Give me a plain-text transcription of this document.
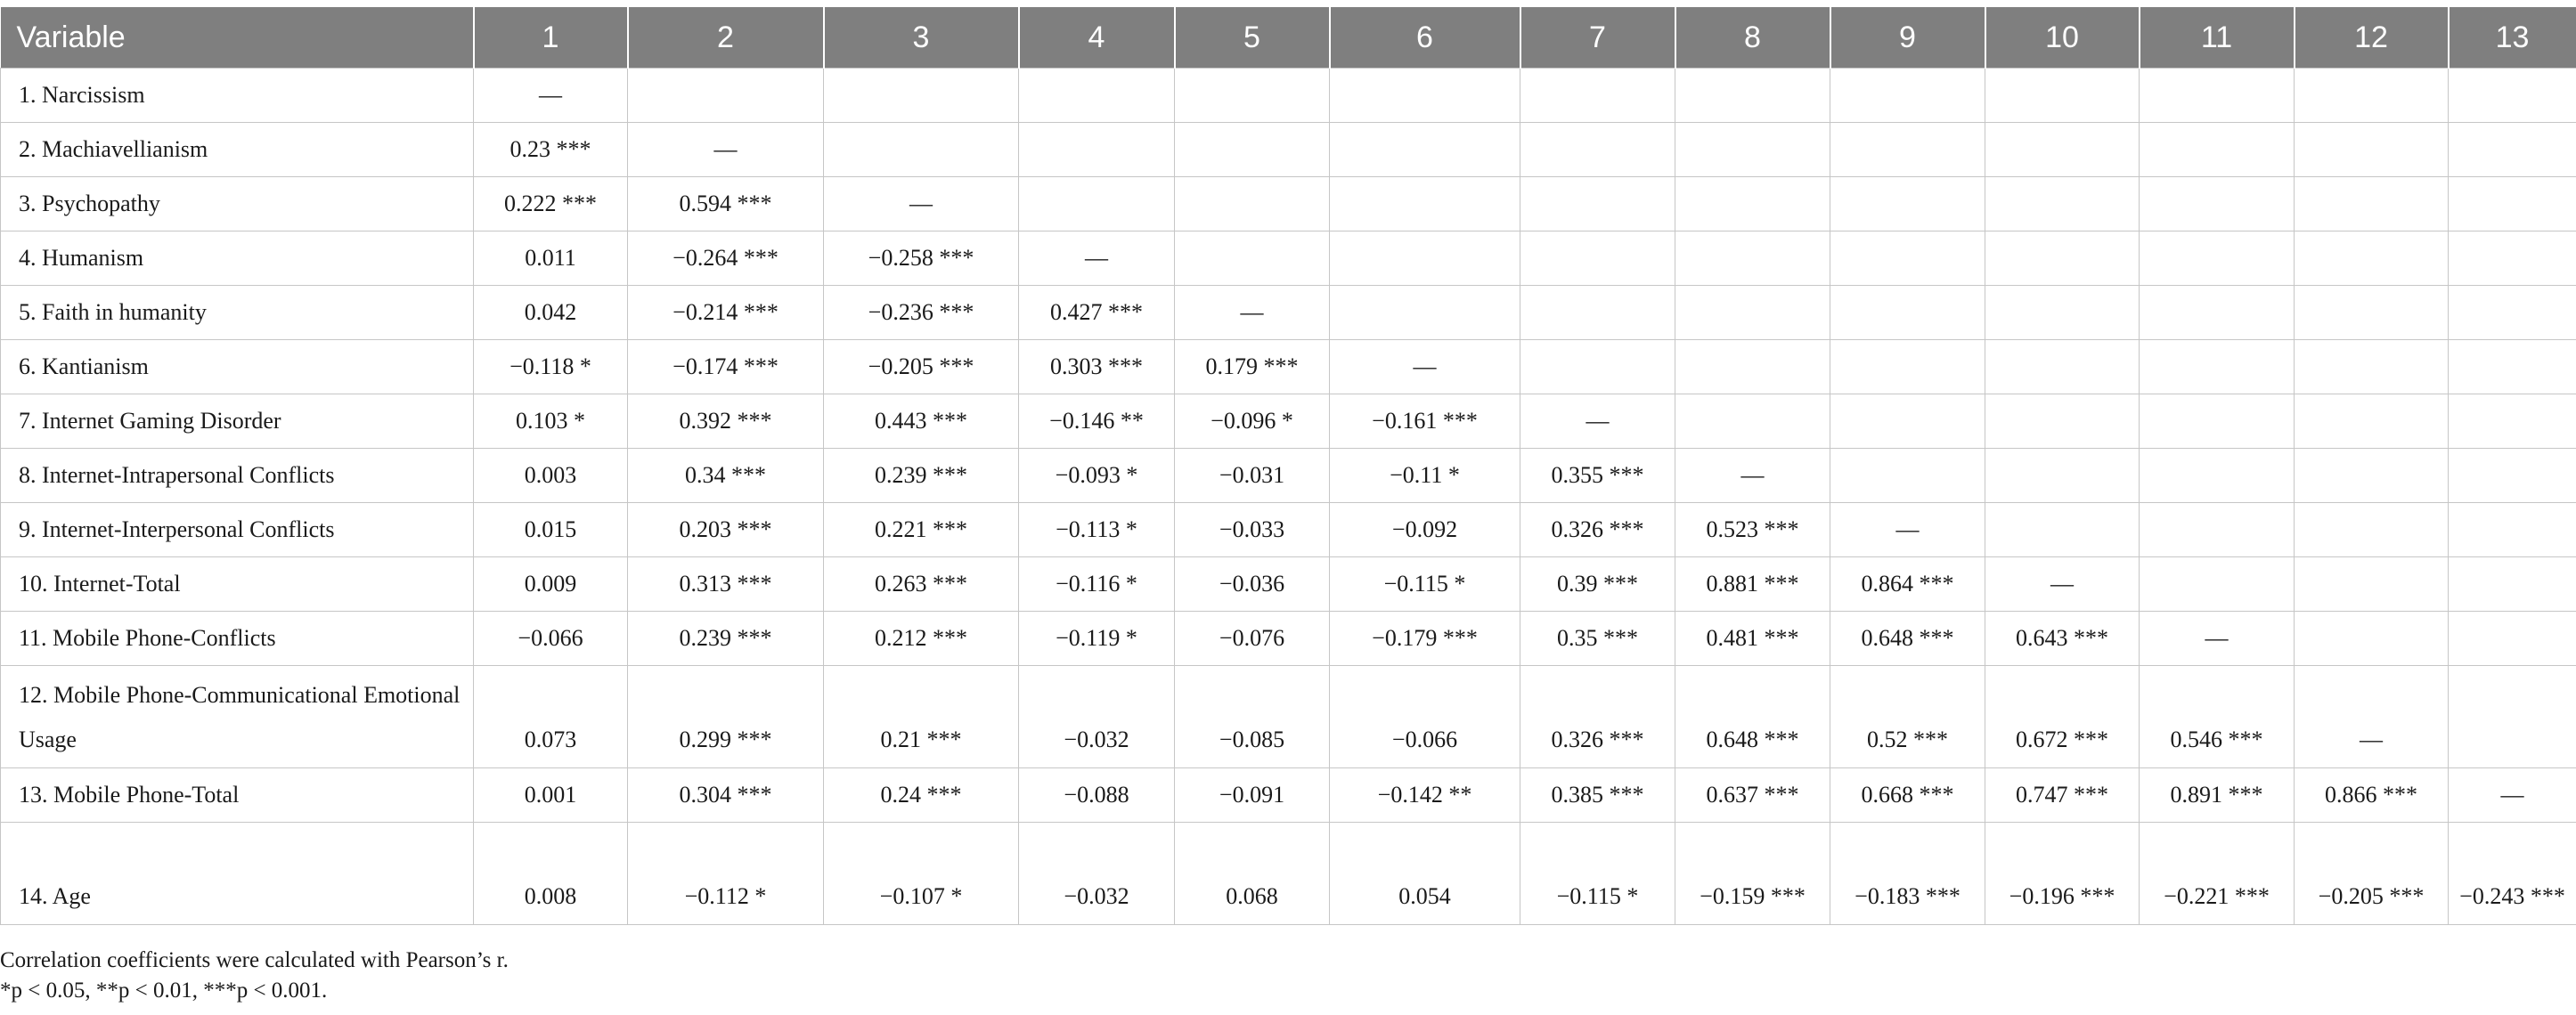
Variable	1	2	3	4	5	6	7	8	9	10	11	12	13
1. Narcissism	—												
2. Machiavellianism	0.23 ***	—											
3. Psychopathy	0.222 ***	0.594 ***	—										
4. Humanism	0.011	−0.264 ***	−0.258 ***	—									
5. Faith in humanity	0.042	−0.214 ***	−0.236 ***	0.427 ***	—								
6. Kantianism	−0.118 *	−0.174 ***	−0.205 ***	0.303 ***	0.179 ***	—							
7. Internet Gaming Disorder	0.103 *	0.392 ***	0.443 ***	−0.146 **	−0.096 *	−0.161 ***	—						
8. Internet-Intrapersonal Conflicts	0.003	0.34 ***	0.239 ***	−0.093 *	−0.031	−0.11 *	0.355 ***	—					
9. Internet-Interpersonal Conflicts	0.015	0.203 ***	0.221 ***	−0.113 *	−0.033	−0.092	0.326 ***	0.523 ***	—				
10. Internet-Total	0.009	0.313 ***	0.263 ***	−0.116 *	−0.036	−0.115 *	0.39 ***	0.881 ***	0.864 ***	—			
11. Mobile Phone-Conflicts	−0.066	0.239 ***	0.212 ***	−0.119 *	−0.076	−0.179 ***	0.35 ***	0.481 ***	0.648 ***	0.643 ***	—		
12. Mobile Phone-Communicational Emotional Usage	0.073	0.299 ***	0.21 ***	−0.032	−0.085	−0.066	0.326 ***	0.648 ***	0.52 ***	0.672 ***	0.546 ***	—	
13. Mobile Phone-Total	0.001	0.304 ***	0.24 ***	−0.088	−0.091	−0.142 **	0.385 ***	0.637 ***	0.668 ***	0.747 ***	0.891 ***	0.866 ***	—
14. Age	0.008	−0.112 *	−0.107 *	−0.032	0.068	0.054	−0.115 *	−0.159 ***	−0.183 ***	−0.196 ***	−0.221 ***	−0.205 ***	−0.243 ***
Correlation coefficients were calculated with Pearson’s r.
*p < 0.05, **p < 0.01, ***p < 0.001.
